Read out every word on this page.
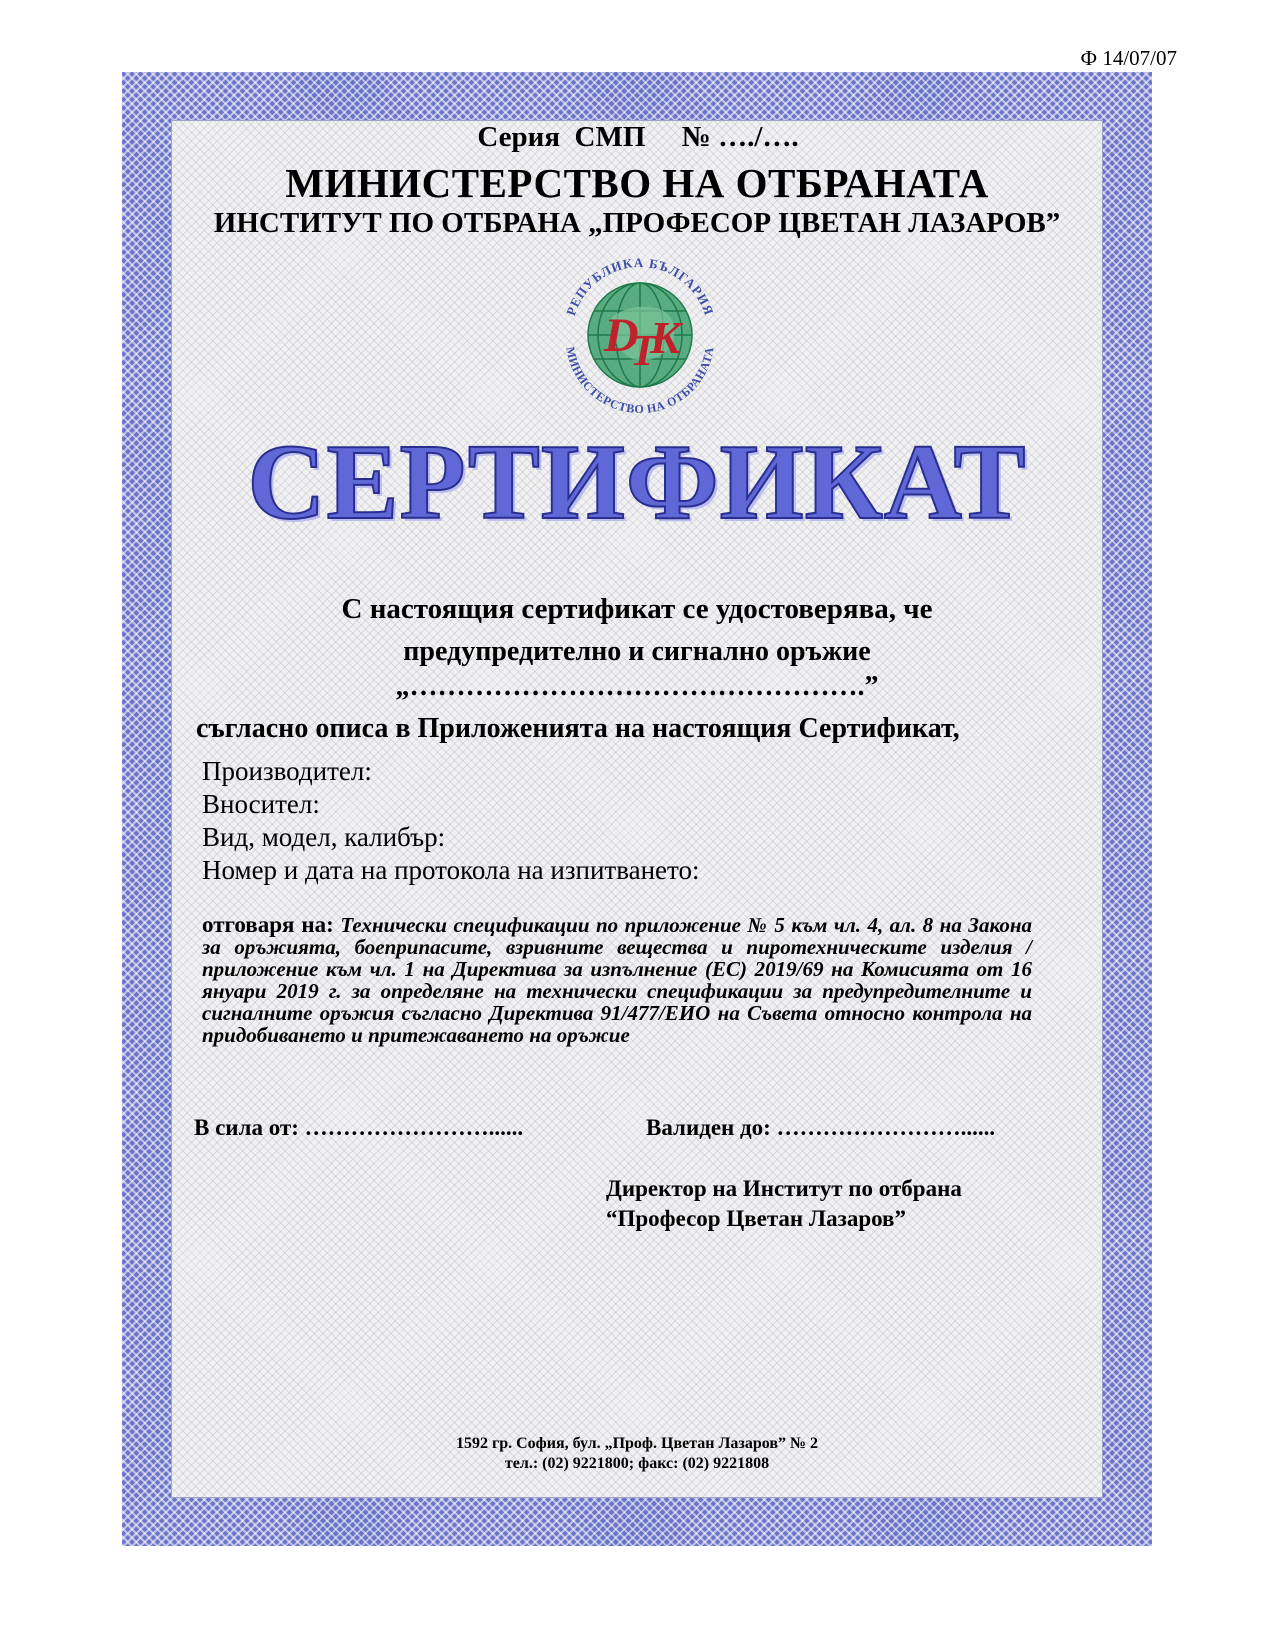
Ф 14/07/07
МИНИСТЕРСТВО НА ОТБРАНАТА
ИНСТИТУТ ПО ОТБРАНА „ПРОФЕСОР ЦВЕТАН ЛАЗАРОВ”
D
T
K
РЕПУБЛИКА БЪЛГАРИЯ
МИНИСТЕРСТВО НА ОТБРАНАТА
СЕРТИФИКАТ
Серия  СМП     № …./….
С настоящия сертификат се удостоверява, че
предупредително и сигнално оръжие
„………………………………………….”
съгласно описа в Приложенията на настоящия Сертификат,
Производител:
Вносител:
Вид, модел, калибър:
Номер и дата на протокола на изпитването:
отговаря на: Технически спецификации по приложение № 5 към чл. 4, ал. 8 на Закона за оръжията, боеприпасите, взривните вещества и пиротехническите изделия / приложение към чл. 1 на Директива за изпълнение (ЕС) 2019/69 на Комисията от 16 януари 2019 г. за определяне на технически спецификации за предупредителните и сигналните оръжия съгласно Директива 91/477/ЕИО на Съвета относно контрола на придобиването и притежаването на оръжие
В сила от: ……………………......	Валиден до: ……………………......
Директор на Институт по отбрана
“Професор Цветан Лазаров”
1592 гр. София, бул. „Проф. Цветан Лазаров” № 2
тел.: (02) 9221800; факс: (02) 9221808
